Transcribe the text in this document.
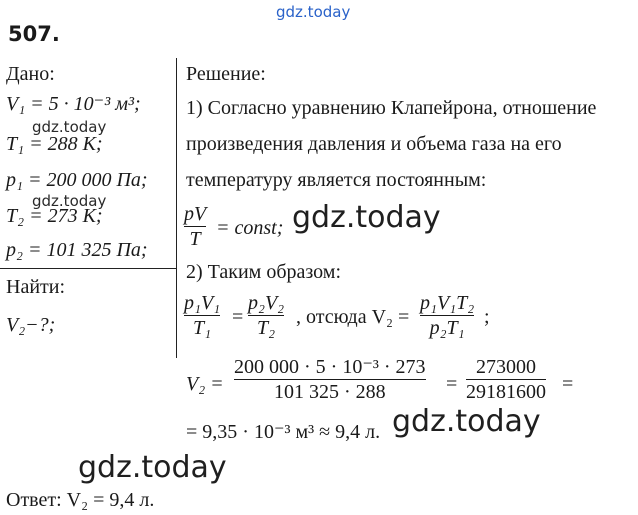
gdz.today
507.
Дано:
V₁ = 5 · 10⁻³ м³;
gdz.today
T₁ = 288 К;
p₁ = 200 000 Па;
gdz.today
T₂ = 273 К;
p₂ = 101 325 Па;
Найти:
V₂−?;
Решение:
1) Согласно уравнению Клапейрона, отношение
произведения давления и объема газа на его
температуру является постоянным:
pV
T = const; gdz.today
2) Таким образом:
p₁V₁
T₁ =
p₂V₂
T₂ , отсюда V₂ =
p₁V₁T₂
p₂T₁ ;
V₂ =
200 000 · 5 · 10⁻³ · 273
101 325 · 288	=
273000
29181600 =
= 9,35 · 10⁻³ м³ ≈ 9,4 л. gdz.today
gdz.today
Ответ: V₂ = 9,4 л.
